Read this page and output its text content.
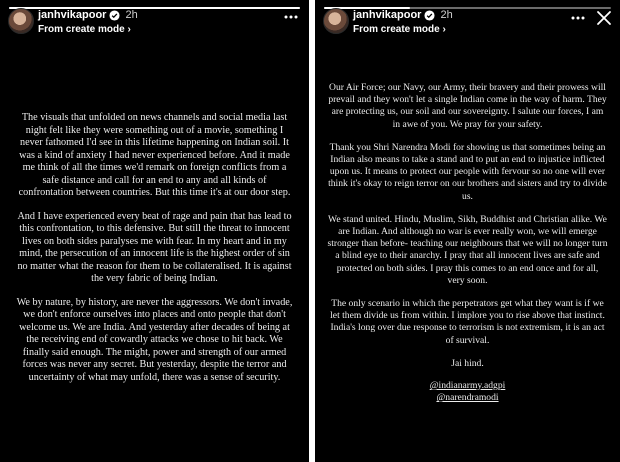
janhvikapoor 2h
From create mode ›

The visuals that unfolded on news channels and social media last night felt like they were something out of a movie, something I never fathomed I'd see in this lifetime happening on Indian soil. It was a kind of anxiety I had never experienced before. And it made me think of all the times we'd remark on foreign conflicts from a safe distance and call for an end to any and all kinds of confrontation between countries. But this time it's at our door step.

And I have experienced every beat of rage and pain that has lead to this confrontation, to this defensive. But still the threat to innocent lives on both sides paralyses me with fear. In my heart and in my mind, the persecution of an innocent life is the highest order of sin no matter what the reason for them to be collateralised. It is against the very fabric of being Indian.

We by nature, by history, are never the aggressors. We don't invade, we don't enforce ourselves into places and onto people that don't welcome us. We are India. And yesterday after decades of being at the receiving end of cowardly attacks we chose to hit back. We finally said enough. The might, power and strength of our armed forces was never any secret. But yesterday, despite the terror and uncertainty of what may unfold, there was a sense of security.

janhvikapoor 2h
From create mode ›

Our Air Force; our Navy, our Army, their bravery and their prowess will prevail and they won't let a single Indian come in the way of harm. They are protecting us, our soil and our sovereignty. I salute our forces, I am in awe of you. We pray for your safety.

Thank you Shri Narendra Modi for showing us that sometimes being an Indian also means to take a stand and to put an end to injustice inflicted upon us. It means to protect our people with fervour so no one will ever think it's okay to reign terror on our brothers and sisters and try to divide us.

We stand united. Hindu, Muslim, Sikh, Buddhist and Christian alike. We are Indian. And although no war is ever really won, we will emerge stronger than before- teaching our neighbours that we will no longer turn a blind eye to their anarchy. I pray that all innocent lives are safe and protected on both sides. I pray this comes to an end once and for all, very soon.

The only scenario in which the perpetrators get what they want is if we let them divide us from within. I implore you to rise above that instinct. India's long over due response to terrorism is not extremism, it is an act of survival.

Jai hind.

@indianarmy.adgpi
@narendramodi
